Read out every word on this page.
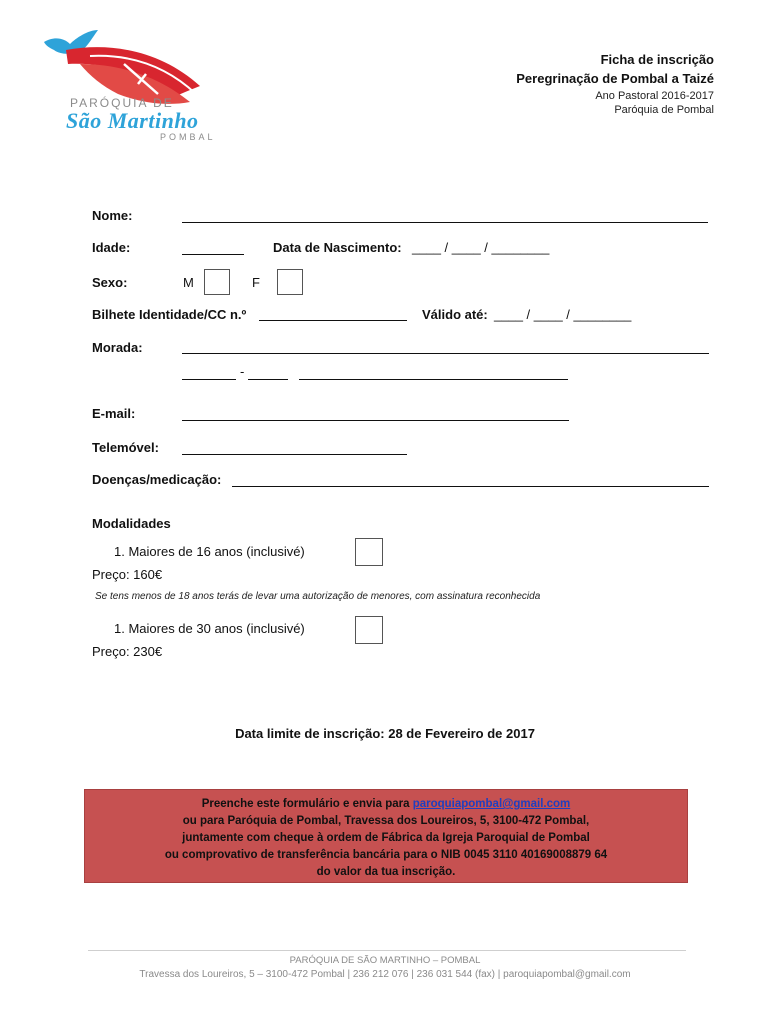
PARÓQUIA DE
São Martinho
POMBAL
Ficha de inscrição
Peregrinação de Pombal a Taizé
Ano Pastoral 2016-2017
Paróquia de Pombal
Nome:
Idade:	Data de Nascimento: ____ / ____ / ________
Sexo:	M	F
Bilhete Identidade/CC n.º	Válido até: ____ / ____ / ________
Morada:
-
E-mail:
Telemóvel:
Doenças/medicação:
Modalidades
1. Maiores de 16 anos (inclusivé)
Preço: 160€
Se tens menos de 18 anos terás de levar uma autorização de menores, com assinatura reconhecida
1. Maiores de 30 anos (inclusivé)
Preço: 230€
Data limite de inscrição: 28 de Fevereiro de 2017
Preenche este formulário e envia para paroquiapombal@gmail.com
ou para Paróquia de Pombal, Travessa dos Loureiros, 5, 3100-472 Pombal,
juntamente com cheque à ordem de Fábrica da Igreja Paroquial de Pombal
ou comprovativo de transferência bancária para o NIB 0045 3110 40169008879 64
do valor da tua inscrição.
PARÓQUIA DE SÃO MARTINHO – POMBAL
Travessa dos Loureiros, 5 – 3100-472 Pombal | 236 212 076 | 236 031 544 (fax) | paroquiapombal@gmail.com
